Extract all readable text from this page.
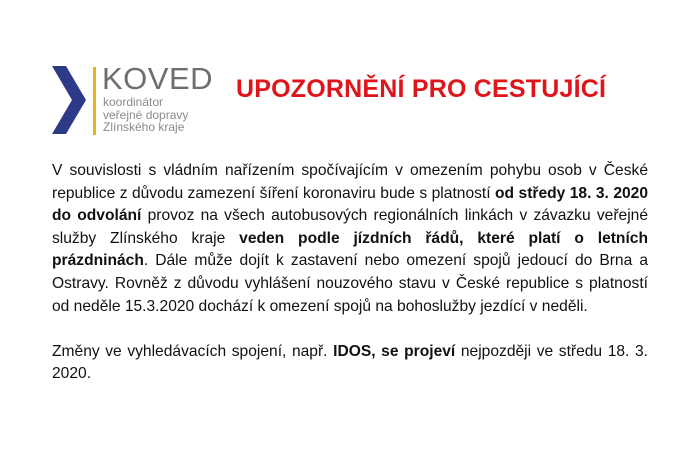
KOVED
koordinátor
veřejné dopravy
Zlínského kraje
UPOZORNĚNÍ PRO CESTUJÍCÍ

V souvislosti s vládním nařízením spočívajícím v omezením pohybu osob v České republice z důvodu zamezení šíření koronaviru bude s platností od středy 18. 3. 2020 do odvolání provoz na všech autobusových regionálních linkách v závazku veřejné služby Zlínského kraje veden podle jízdních řádů, které platí o letních prázdninách. Dále může dojít k zastavení nebo omezení spojů jedoucí do Brna a Ostravy. Rovněž z důvodu vyhlášení nouzového stavu v České republice s platností od neděle 15.3.2020 dochází k omezení spojů na bohoslužby jezdící v neděli.

Změny ve vyhledávacích spojení, např. IDOS, se projeví nejpozději ve středu 18. 3. 2020.
